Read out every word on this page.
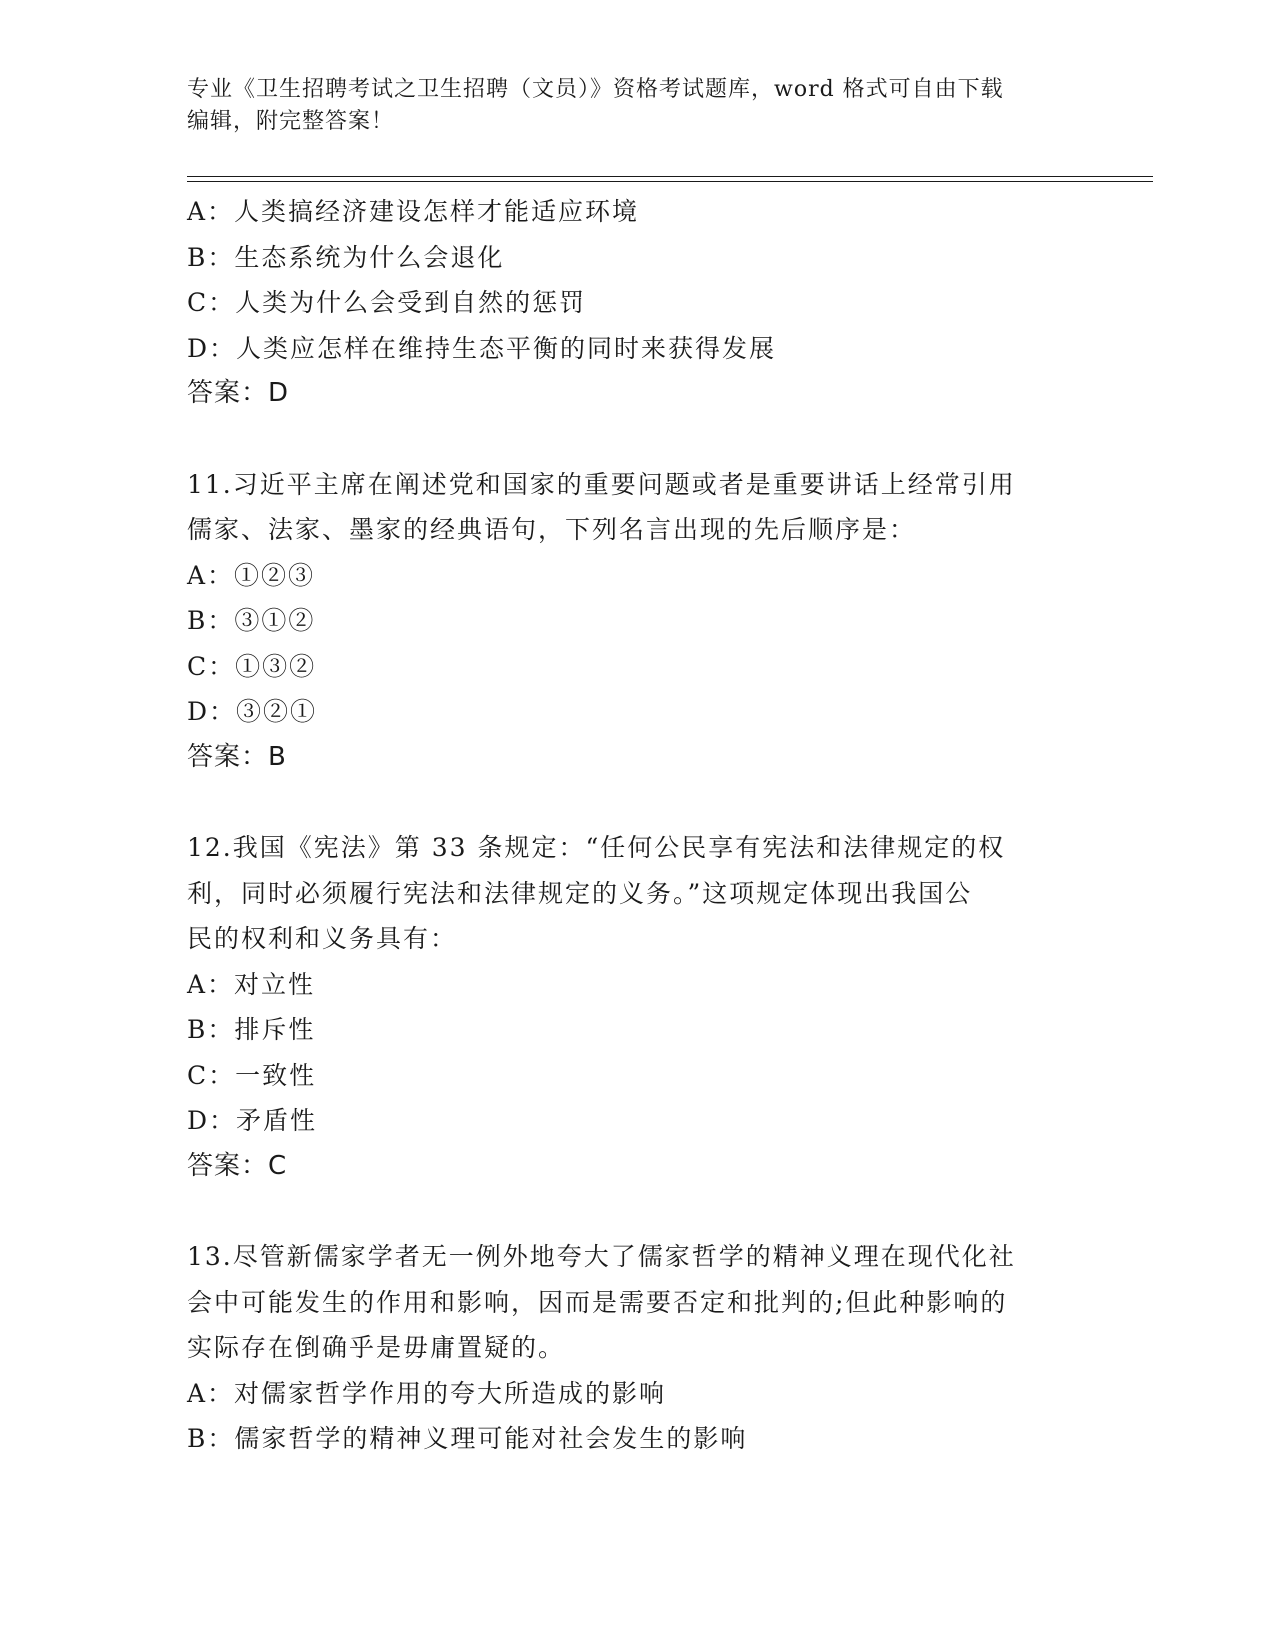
专业《卫生招聘考试之卫生招聘（文员）》资格考试题库，word 格式可自由下载
编辑，附完整答案！
A：人类搞经济建设怎样才能适应环境
B：生态系统为什么会退化
C：人类为什么会受到自然的惩罚
D：人类应怎样在维持生态平衡的同时来获得发展
答案：D
11.习近平主席在阐述党和国家的重要问题或者是重要讲话上经常引用
儒家、法家、墨家的经典语句，下列名言出现的先后顺序是：
A：①②③
B：③①②
C：①③②
D：③②①
答案：B
12.我国《宪法》第 33 条规定：“任何公民享有宪法和法律规定的权
利，同时必须履行宪法和法律规定的义务。”这项规定体现出我国公
民的权利和义务具有：
A：对立性
B：排斥性
C：一致性
D：矛盾性
答案：C
13.尽管新儒家学者无一例外地夸大了儒家哲学的精神义理在现代化社
会中可能发生的作用和影响，因而是需要否定和批判的;但此种影响的
实际存在倒确乎是毋庸置疑的。
A：对儒家哲学作用的夸大所造成的影响
B：儒家哲学的精神义理可能对社会发生的影响
